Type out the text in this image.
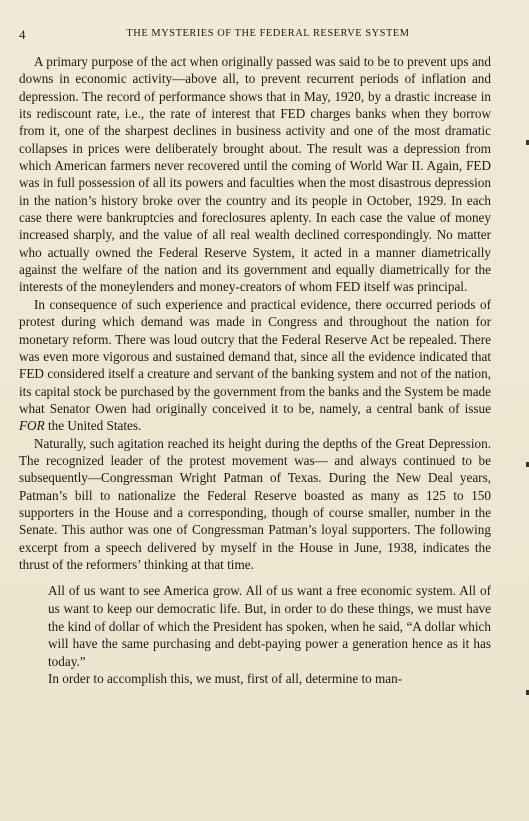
4	THE MYSTERIES OF THE FEDERAL RESERVE SYSTEM

A primary purpose of the act when originally passed was said to be to prevent ups and downs in economic activity—above all, to prevent recurrent periods of inflation and depression. The record of performance shows that in May, 1920, by a drastic increase in its rediscount rate, i.e., the rate of interest that FED charges banks when they borrow from it, one of the sharpest declines in business activity and one of the most dramatic collapses in prices were deliberately brought about. The result was a depression from which American farmers never recovered until the coming of World War II. Again, FED was in full possession of all its powers and faculties when the most disastrous depression in the nation’s history broke over the country and its people in October, 1929. In each case there were bankruptcies and foreclosures aplenty. In each case the value of money increased sharply, and the value of all real wealth declined correspondingly. No matter who actually owned the Federal Reserve System, it acted in a manner diametrically against the welfare of the nation and its government and equally diametrically for the interests of the moneylenders and money-creators of whom FED itself was principal.

In consequence of such experience and practical evidence, there occurred periods of protest during which demand was made in Congress and throughout the nation for monetary reform. There was loud outcry that the Federal Reserve Act be repealed. There was even more vigorous and sustained demand that, since all the evidence indicated that FED considered itself a creature and servant of the banking system and not of the nation, its capital stock be purchased by the government from the banks and the System be made what Senator Owen had originally conceived it to be, namely, a central bank of issue FOR the United States.

Naturally, such agitation reached its height during the depths of the Great Depression. The recognized leader of the protest movement was— and always continued to be subsequently—Congressman Wright Patman of Texas. During the New Deal years, Patman’s bill to nationalize the Federal Reserve boasted as many as 125 to 150 supporters in the House and a corresponding, though of course smaller, number in the Senate. This author was one of Congressman Patman’s loyal supporters. The following excerpt from a speech delivered by myself in the House in June, 1938, indicates the thrust of the reformers’ thinking at that time.

All of us want to see America grow. All of us want a free economic system. All of us want to keep our democratic life. But, in order to do these things, we must have the kind of dollar of which the President has spoken, when he said, “A dollar which will have the same purchasing and debt-paying power a generation hence as it has today.”
In order to accomplish this, we must, first of all, determine to man-
